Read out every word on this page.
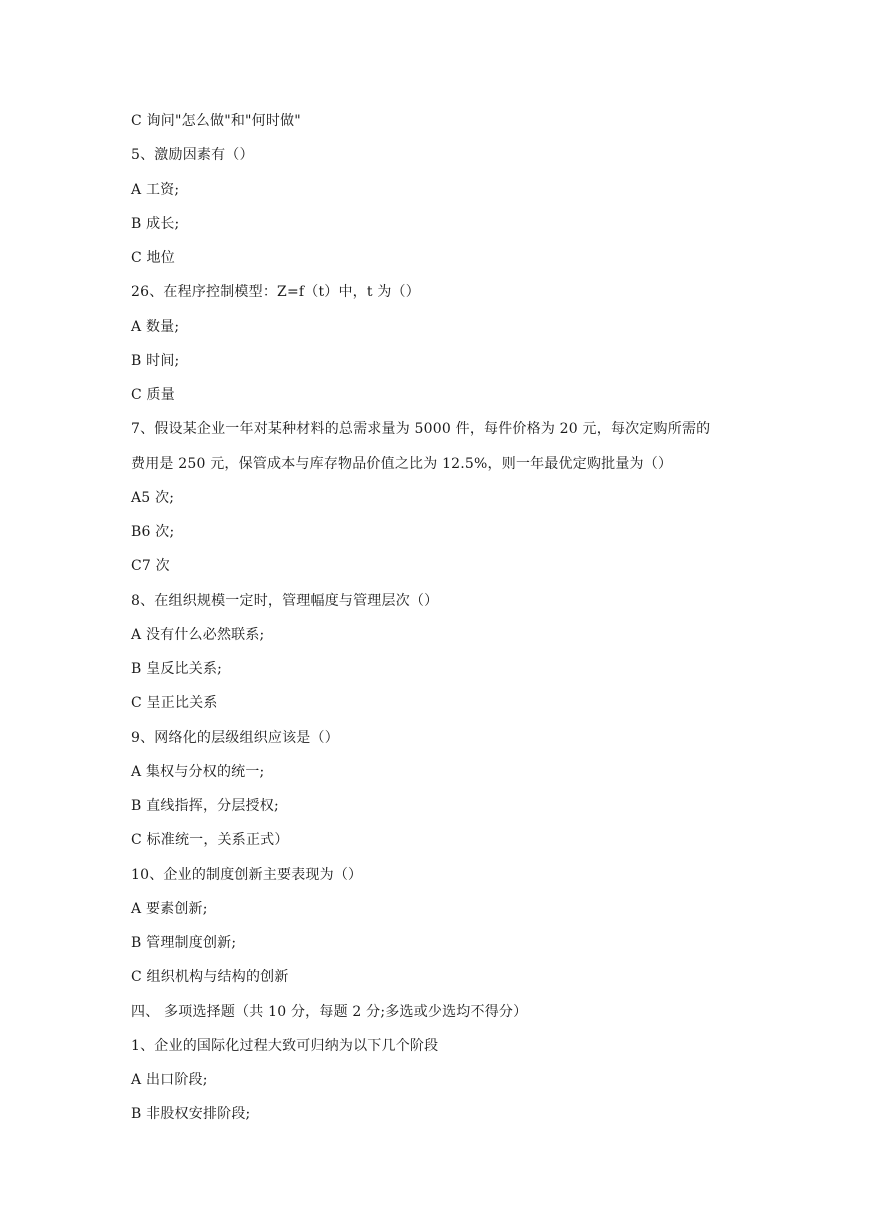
C 询问"怎么做"和"何时做"
5、激励因素有（）
A 工资;
B 成长;
C 地位
26、在程序控制模型：Z=f（t）中，t 为（）
A 数量;
B 时间;
C 质量
7、假设某企业一年对某种材料的总需求量为 5000 件，每件价格为 20 元，每次定购所需的
费用是 250 元，保管成本与库存物品价值之比为 12.5%，则一年最优定购批量为（）
A5 次;
B6 次;
C7 次
8、在组织规模一定时，管理幅度与管理层次（）
A 没有什么必然联系;
B 皇反比关系;
C 呈正比关系
9、网络化的层级组织应该是（）
A 集权与分权的统一;
B 直线指挥，分层授权;
C 标准统一，关系正式）
10、企业的制度创新主要表现为（）
A 要素创新;
B 管理制度创新;
C 组织机构与结构的创新
四、 多项选择题（共 10 分，每题 2 分;多选或少选均不得分）
1、企业的国际化过程大致可归纳为以下几个阶段
A 出口阶段;
B 非股权安排阶段;
